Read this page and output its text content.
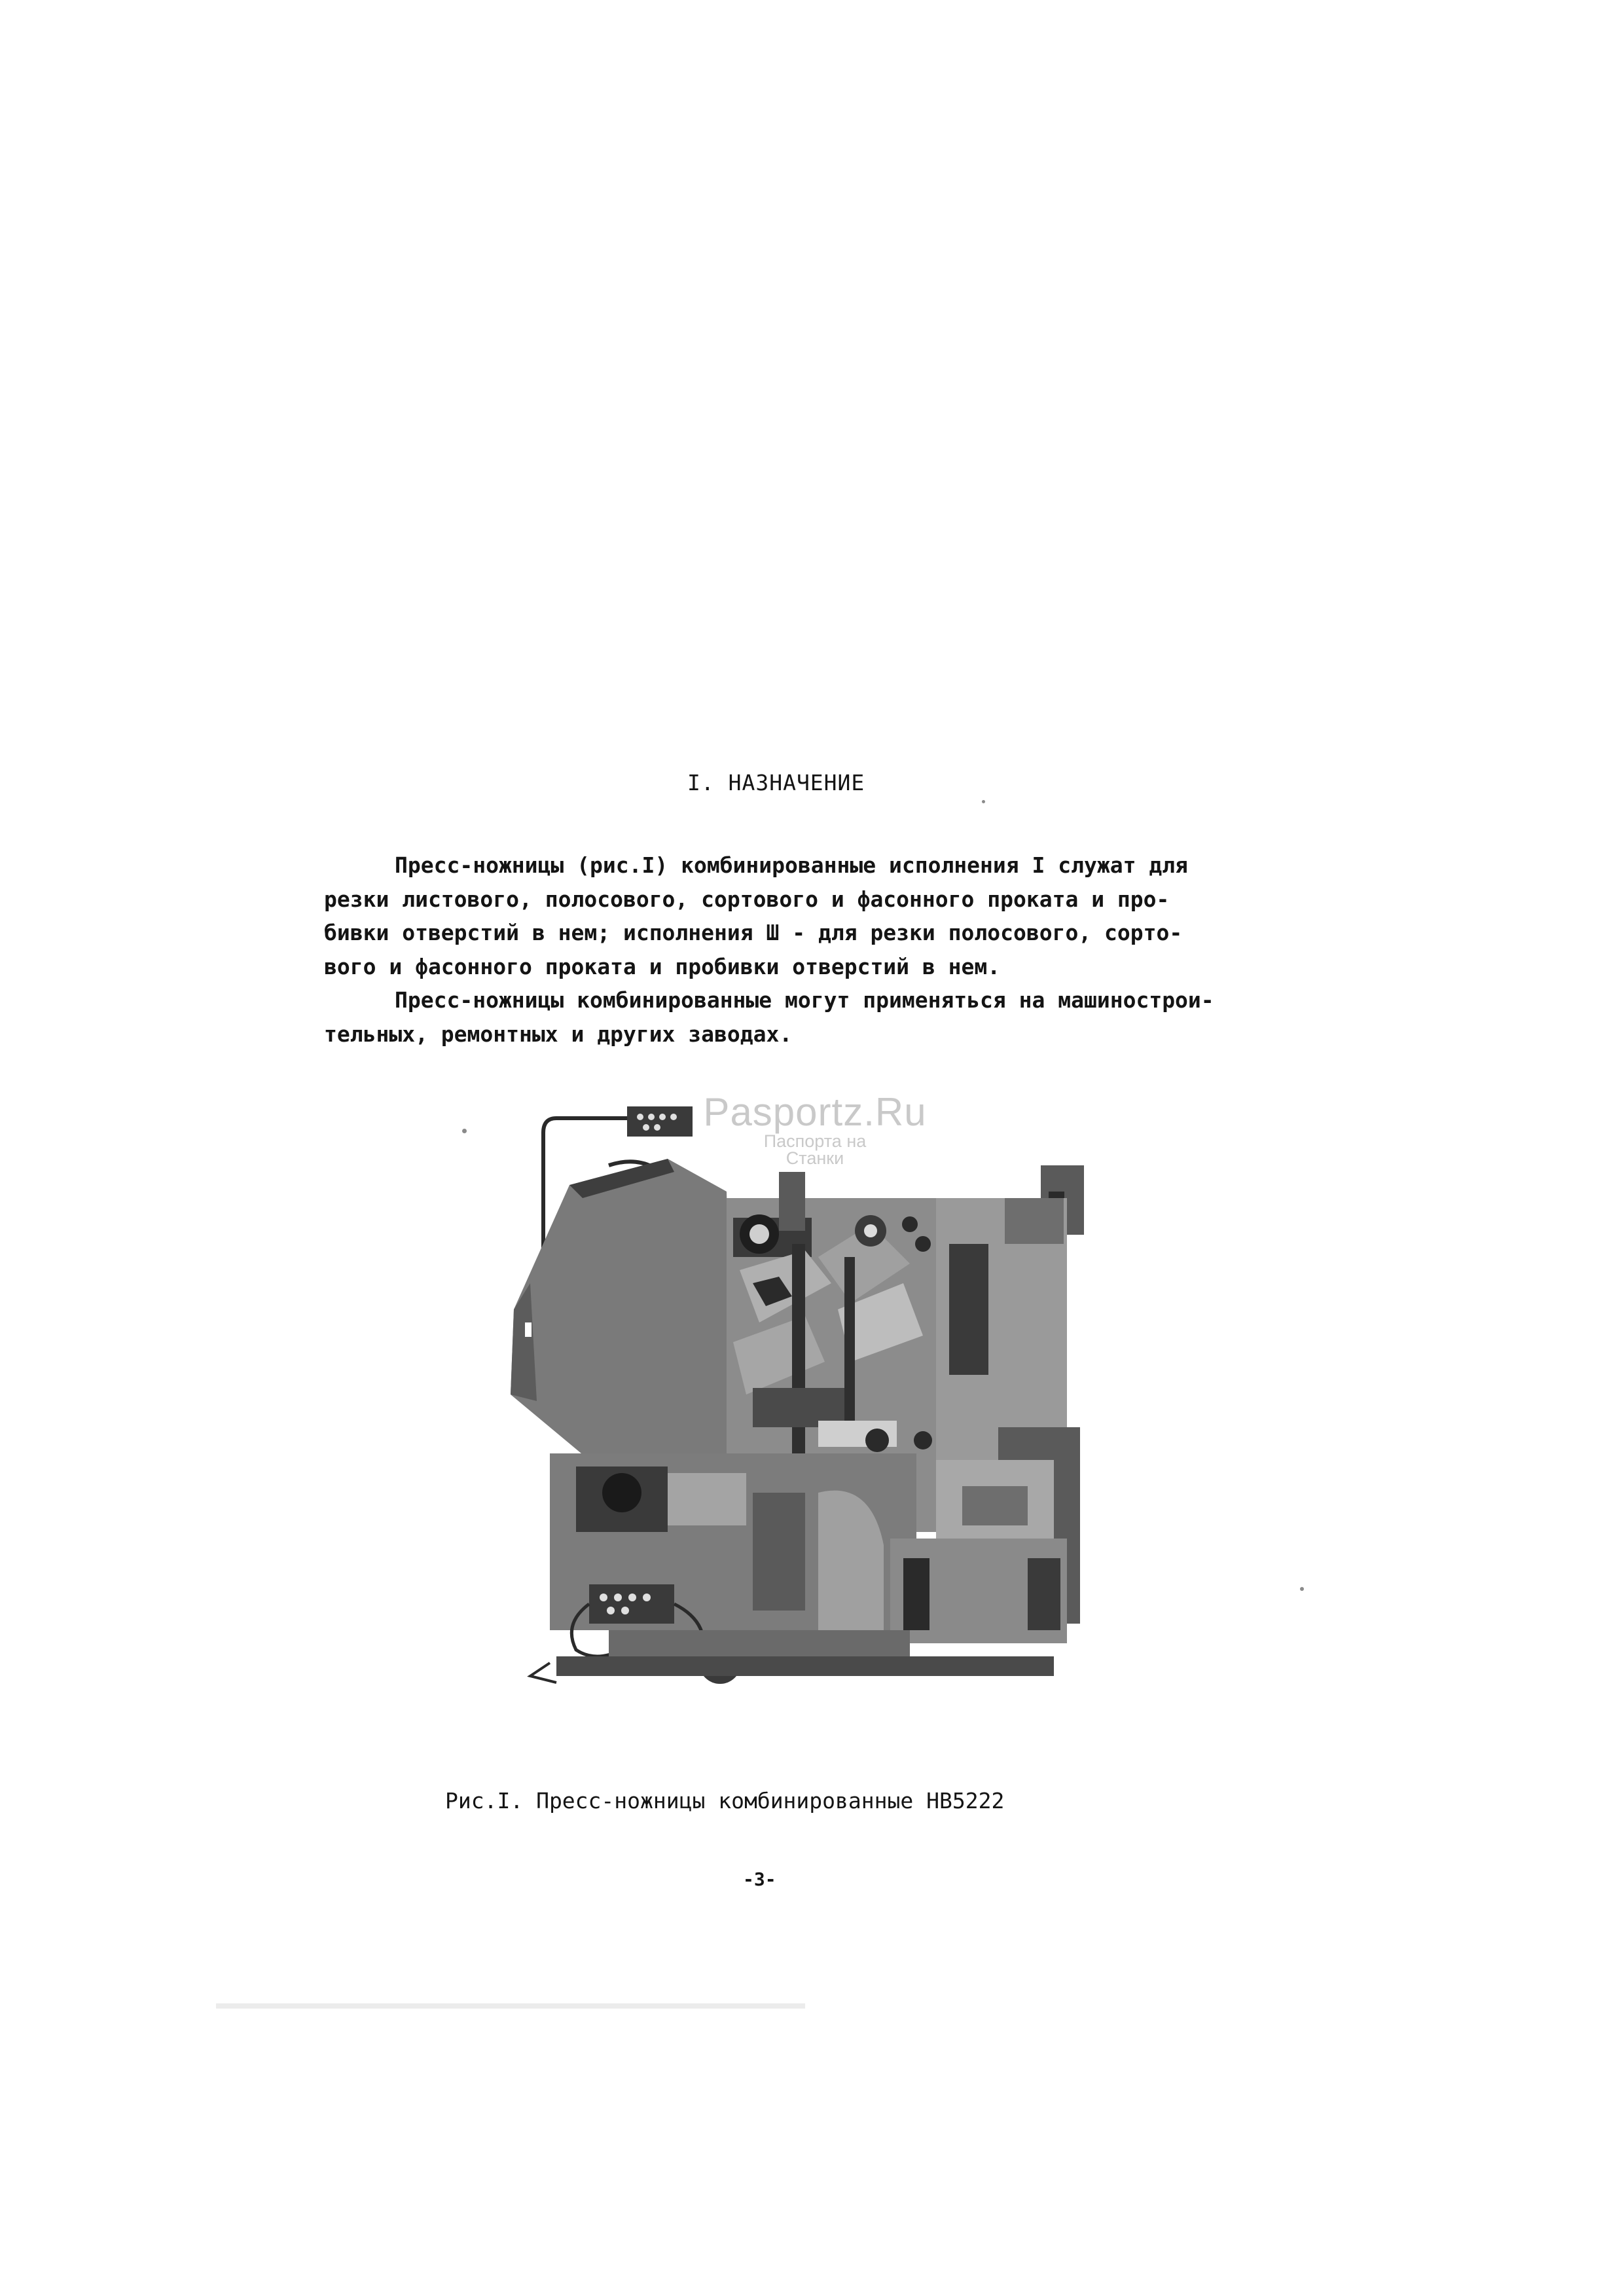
I. НАЗНАЧЕНИЕ
Пресс-ножницы (рис.I) комбинированные исполнения I служат для
резки листового, полосового, сортового и фасонного проката и про-
бивки отверстий в нем; исполнения Ш - для резки полосового, сорто-
вого и фасонного проката и пробивки отверстий в нем.
Пресс-ножницы комбинированные могут применяться на машинострои-
тельных, ремонтных и других заводах.
Pasportz.Ru
Паспорта на
Станки
Рис.I. Пресс-ножницы комбинированные НВ5222
-3-
